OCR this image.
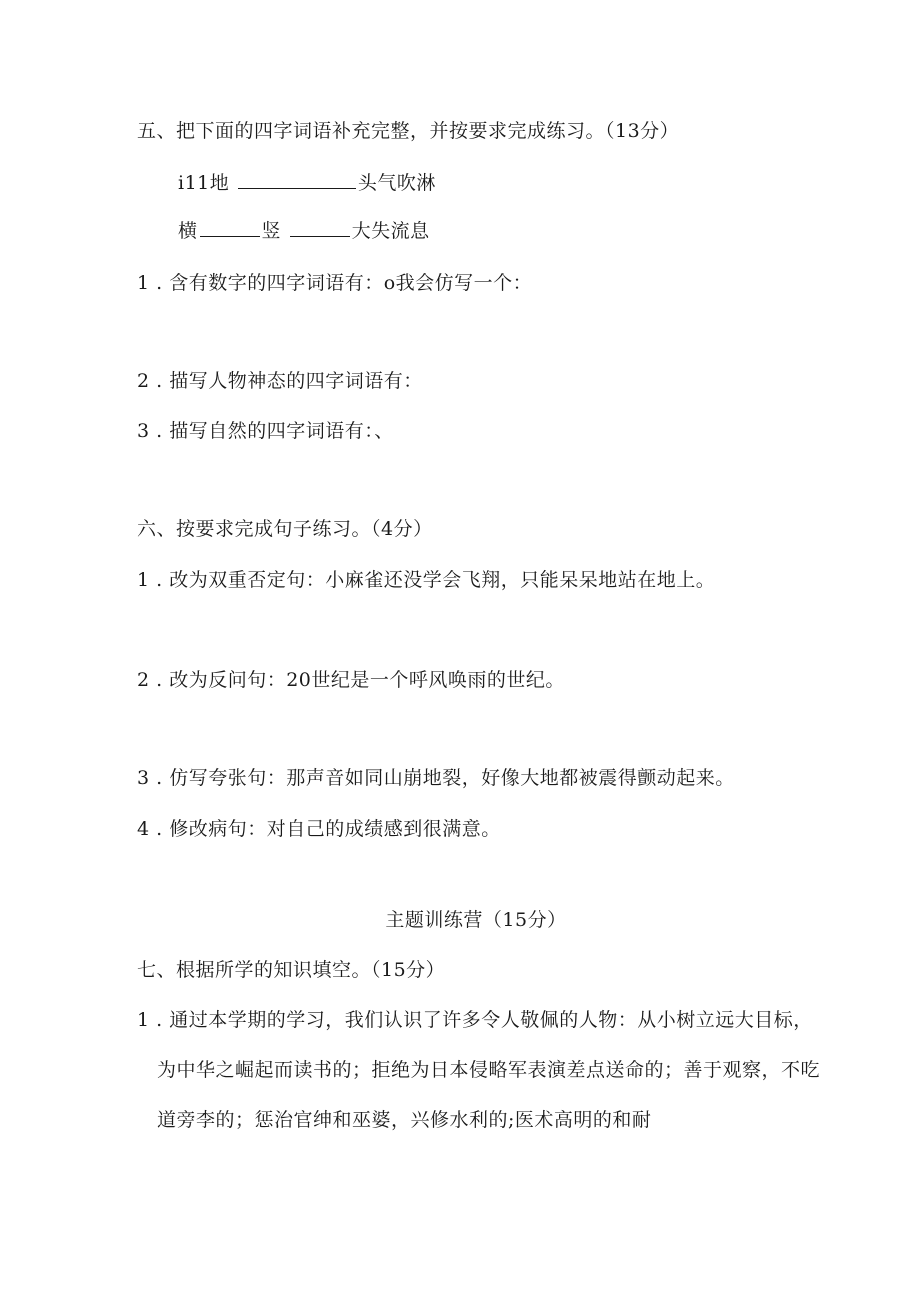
五、把下面的四字词语补充完整，并按要求完成练习。（13分）
i11地	头气吹淋
横	竖	大失流息
1 . 含有数字的四字词语有：o我会仿写一个：
2 . 描写人物神态的四字词语有：
3 . 描写自然的四字词语有：、
六、按要求完成句子练习。（4分）
1 . 改为双重否定句：小麻雀还没学会飞翔，只能呆呆地站在地上。
2 . 改为反问句：20世纪是一个呼风唤雨的世纪。
3 . 仿写夸张句：那声音如同山崩地裂，好像大地都被震得颤动起来。
4 . 修改病句：对自己的成绩感到很满意。
主题训练营（15分）
七、根据所学的知识填空。（15分）
1 . 通过本学期的学习，我们认识了许多令人敬佩的人物：从小树立远大目标，
为中华之崛起而读书的；拒绝为日本侵略军表演差点送命的；善于观察，不吃
道旁李的；惩治官绅和巫婆，兴修水利的;医术高明的和耐
